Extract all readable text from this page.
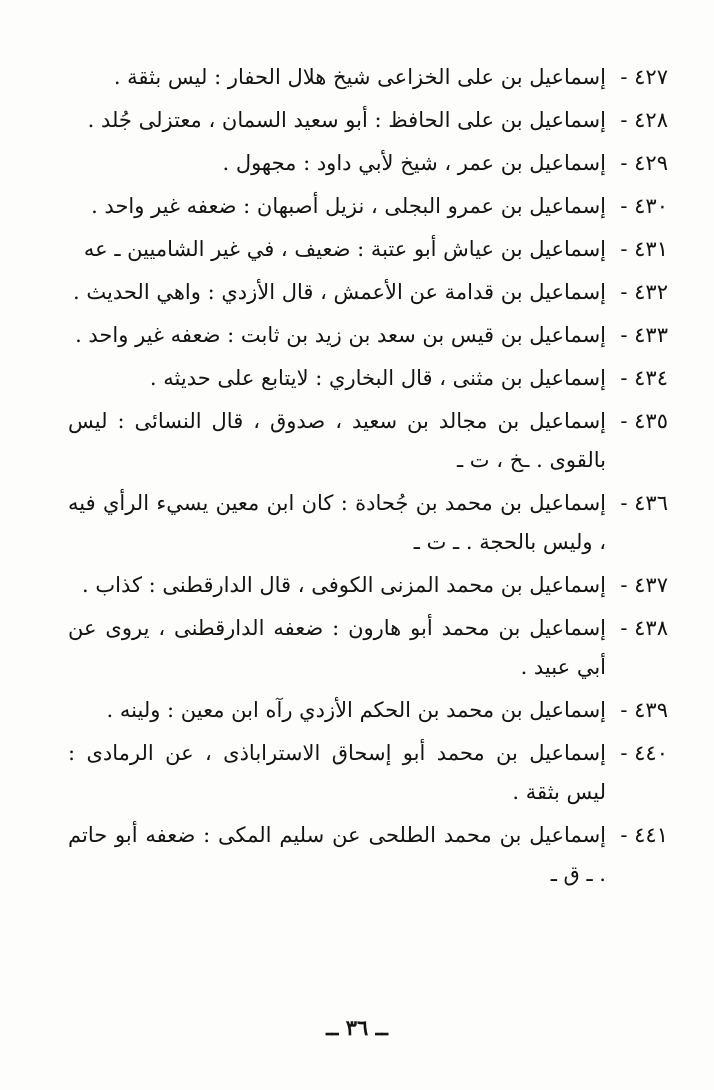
٤٢٧ -
إسماعيل بن على الخزاعى شيخ هلال الحفار : ليس بثقة .
٤٢٨ -
إسماعيل بن على الحافظ : أبو سعيد السمان ، معتزلى جُلد .
٤٢٩ -
إسماعيل بن عمر ، شيخ لأبي داود : مجهول .
٤٣٠ -
إسماعيل بن عمرو البجلى ، نزيل أصبهان : ضعفه غير واحد .
٤٣١ -
إسماعيل بن عياش أبو عتبة : ضعيف ، في غير الشاميين ـ عه
٤٣٢ -
إسماعيل بن قدامة عن الأعمش ، قال الأزدي : واهي الحديث .
٤٣٣ -
إسماعيل بن قيس بن سعد بن زيد بن ثابت : ضعفه غير واحد .
٤٣٤ -
إسماعيل بن مثنى ، قال البخاري : لايتابع على حديثه .
٤٣٥ -
إسماعيل بن مجالد بن سعيد ، صدوق ، قال النسائى : ليس بالقوى . ـخ ، ت ـ
٤٣٦ -
إسماعيل بن محمد بن جُحادة : كان ابن معين يسيء الرأي فيه ، وليس بالحجة . ـ ت ـ
٤٣٧ -
إسماعيل بن محمد المزنى الكوفى ، قال الدارقطنى : كذاب .
٤٣٨ -
إسماعيل بن محمد أبو هارون : ضعفه الدارقطنى ، يروى عن أبي عبيد .
٤٣٩ -
إسماعيل بن محمد بن الحكم الأزدي رآه ابن معين : ولينه .
٤٤٠ -
إسماعيل بن محمد أبو إسحاق الاستراباذى ، عن الرمادى : ليس بثقة .
٤٤١ -
إسماعيل بن محمد الطلحى عن سليم المكى : ضعفه أبو حاتم . ـ ق ـ
ــ ٣٦ ــ
